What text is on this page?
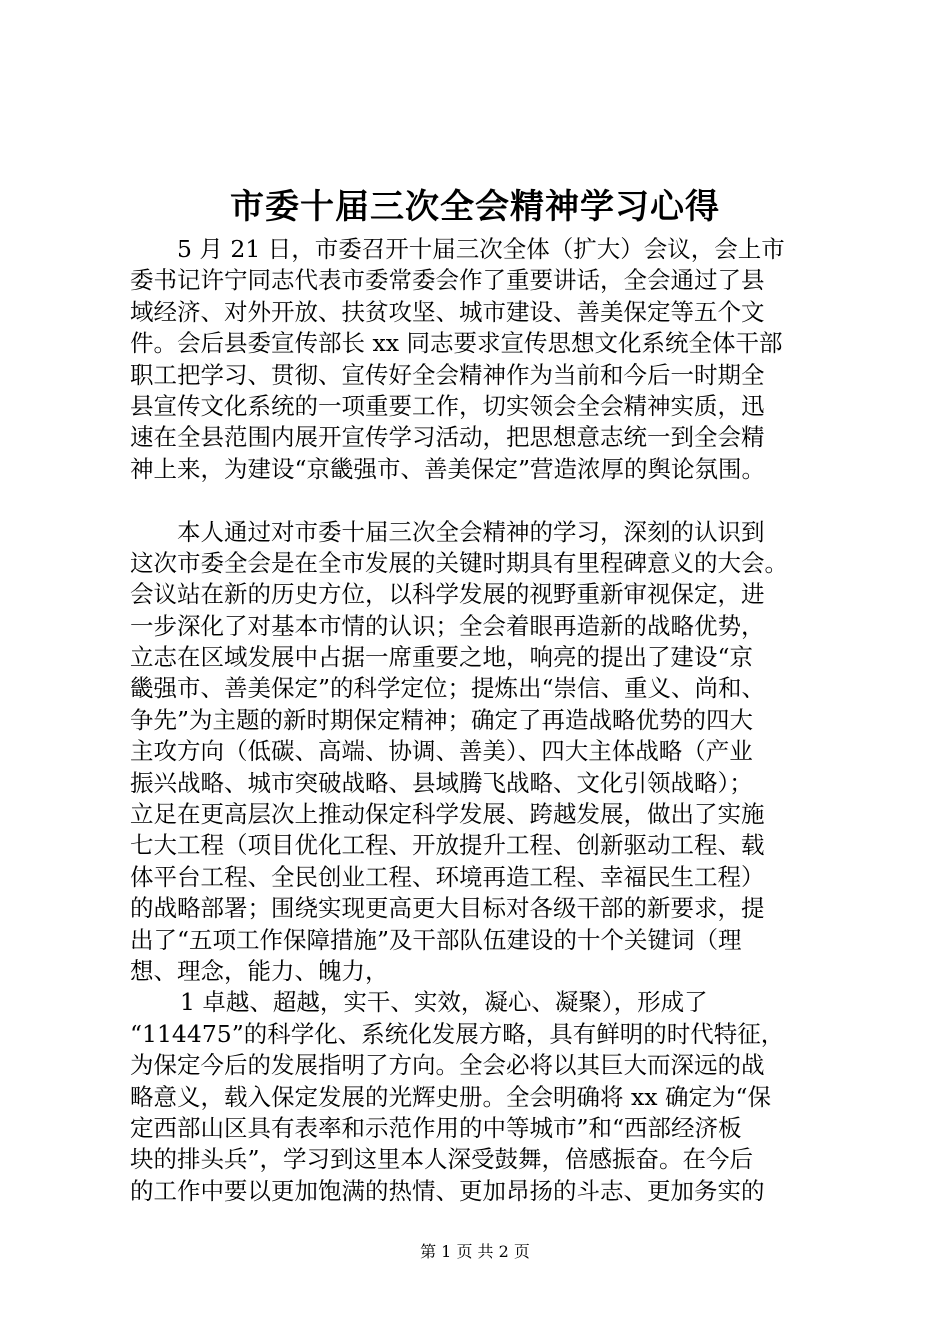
市委十届三次全会精神学习心得
5 月 21 日，市委召开十届三次全体（扩大）会议，会上市
委书记许宁同志代表市委常委会作了重要讲话，全会通过了县
域经济、对外开放、扶贫攻坚、城市建设、善美保定等五个文
件。会后县委宣传部长 xx 同志要求宣传思想文化系统全体干部
职工把学习、贯彻、宣传好全会精神作为当前和今后一时期全
县宣传文化系统的一项重要工作，切实领会全会精神实质，迅
速在全县范围内展开宣传学习活动，把思想意志统一到全会精
神上来，为建设“京畿强市、善美保定”营造浓厚的舆论氛围。
本人通过对市委十届三次全会精神的学习，深刻的认识到
这次市委全会是在全市发展的关键时期具有里程碑意义的大会。
会议站在新的历史方位，以科学发展的视野重新审视保定，进
一步深化了对基本市情的认识；全会着眼再造新的战略优势，
立志在区域发展中占据一席重要之地，响亮的提出了建设“京
畿强市、善美保定”的科学定位；提炼出“崇信、重义、尚和、
争先”为主题的新时期保定精神；确定了再造战略优势的四大
主攻方向（低碳、高端、协调、善美）、四大主体战略（产业
振兴战略、城市突破战略、县域腾飞战略、文化引领战略）；
立足在更高层次上推动保定科学发展、跨越发展，做出了实施
七大工程（项目优化工程、开放提升工程、创新驱动工程、载
体平台工程、全民创业工程、环境再造工程、幸福民生工程）
的战略部署；围绕实现更高更大目标对各级干部的新要求，提
出了“五项工作保障措施”及干部队伍建设的十个关键词（理
想、理念，能力、魄力，
1 卓越、超越，实干、实效，凝心、凝聚），形成了
“114475”的科学化、系统化发展方略，具有鲜明的时代特征，
为保定今后的发展指明了方向。全会必将以其巨大而深远的战
略意义，载入保定发展的光辉史册。全会明确将 xx 确定为“保
定西部山区具有表率和示范作用的中等城市”和“西部经济板
块的排头兵”，学习到这里本人深受鼓舞，倍感振奋。在今后
的工作中要以更加饱满的热情、更加昂扬的斗志、更加务实的
第 1 页 共 2 页
